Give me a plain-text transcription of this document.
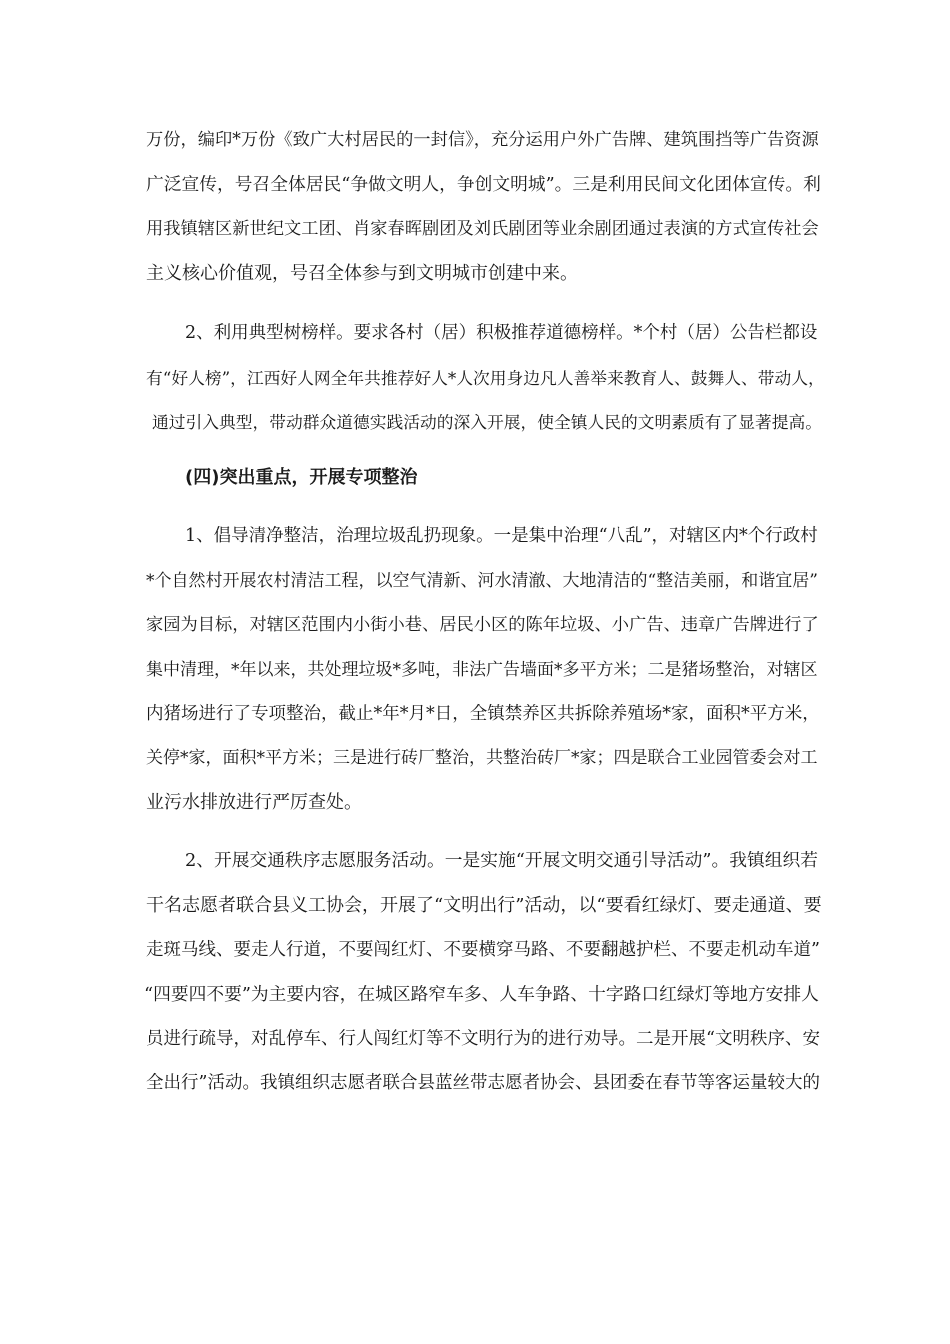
万份，编印*万份《致广大村居民的一封信》，充分运用户外广告牌、建筑围挡等广告资源
广泛宣传，号召全体居民“争做文明人，争创文明城”。三是利用民间文化团体宣传。利
用我镇辖区新世纪文工团、肖家春晖剧团及刘氏剧团等业余剧团通过表演的方式宣传社会
主义核心价值观，号召全体参与到文明城市创建中来。
2、利用典型树榜样。要求各村（居）积极推荐道德榜样。*个村（居）公告栏都设
有“好人榜”，江西好人网全年共推荐好人*人次用身边凡人善举来教育人、鼓舞人、带动人，
通过引入典型，带动群众道德实践活动的深入开展，使全镇人民的文明素质有了显著提高。
(四)突出重点，开展专项整治
1、倡导清净整洁，治理垃圾乱扔现象。一是集中治理“八乱”，对辖区内*个行政村
*个自然村开展农村清洁工程，以空气清新、河水清澈、大地清洁的“整洁美丽，和谐宜居”
家园为目标，对辖区范围内小街小巷、居民小区的陈年垃圾、小广告、违章广告牌进行了
集中清理，*年以来，共处理垃圾*多吨，非法广告墙面*多平方米；二是猪场整治，对辖区
内猪场进行了专项整治，截止*年*月*日，全镇禁养区共拆除养殖场*家，面积*平方米，
关停*家，面积*平方米；三是进行砖厂整治，共整治砖厂*家；四是联合工业园管委会对工
业污水排放进行严厉查处。
2、开展交通秩序志愿服务活动。一是实施“开展文明交通引导活动”。我镇组织若
干名志愿者联合县义工协会，开展了“文明出行”活动，以“要看红绿灯、要走通道、要
走斑马线、要走人行道，不要闯红灯、不要横穿马路、不要翻越护栏、不要走机动车道”
“四要四不要”为主要内容，在城区路窄车多、人车争路、十字路口红绿灯等地方安排人
员进行疏导，对乱停车、行人闯红灯等不文明行为的进行劝导。二是开展“文明秩序、安
全出行”活动。我镇组织志愿者联合县蓝丝带志愿者协会、县团委在春节等客运量较大的
